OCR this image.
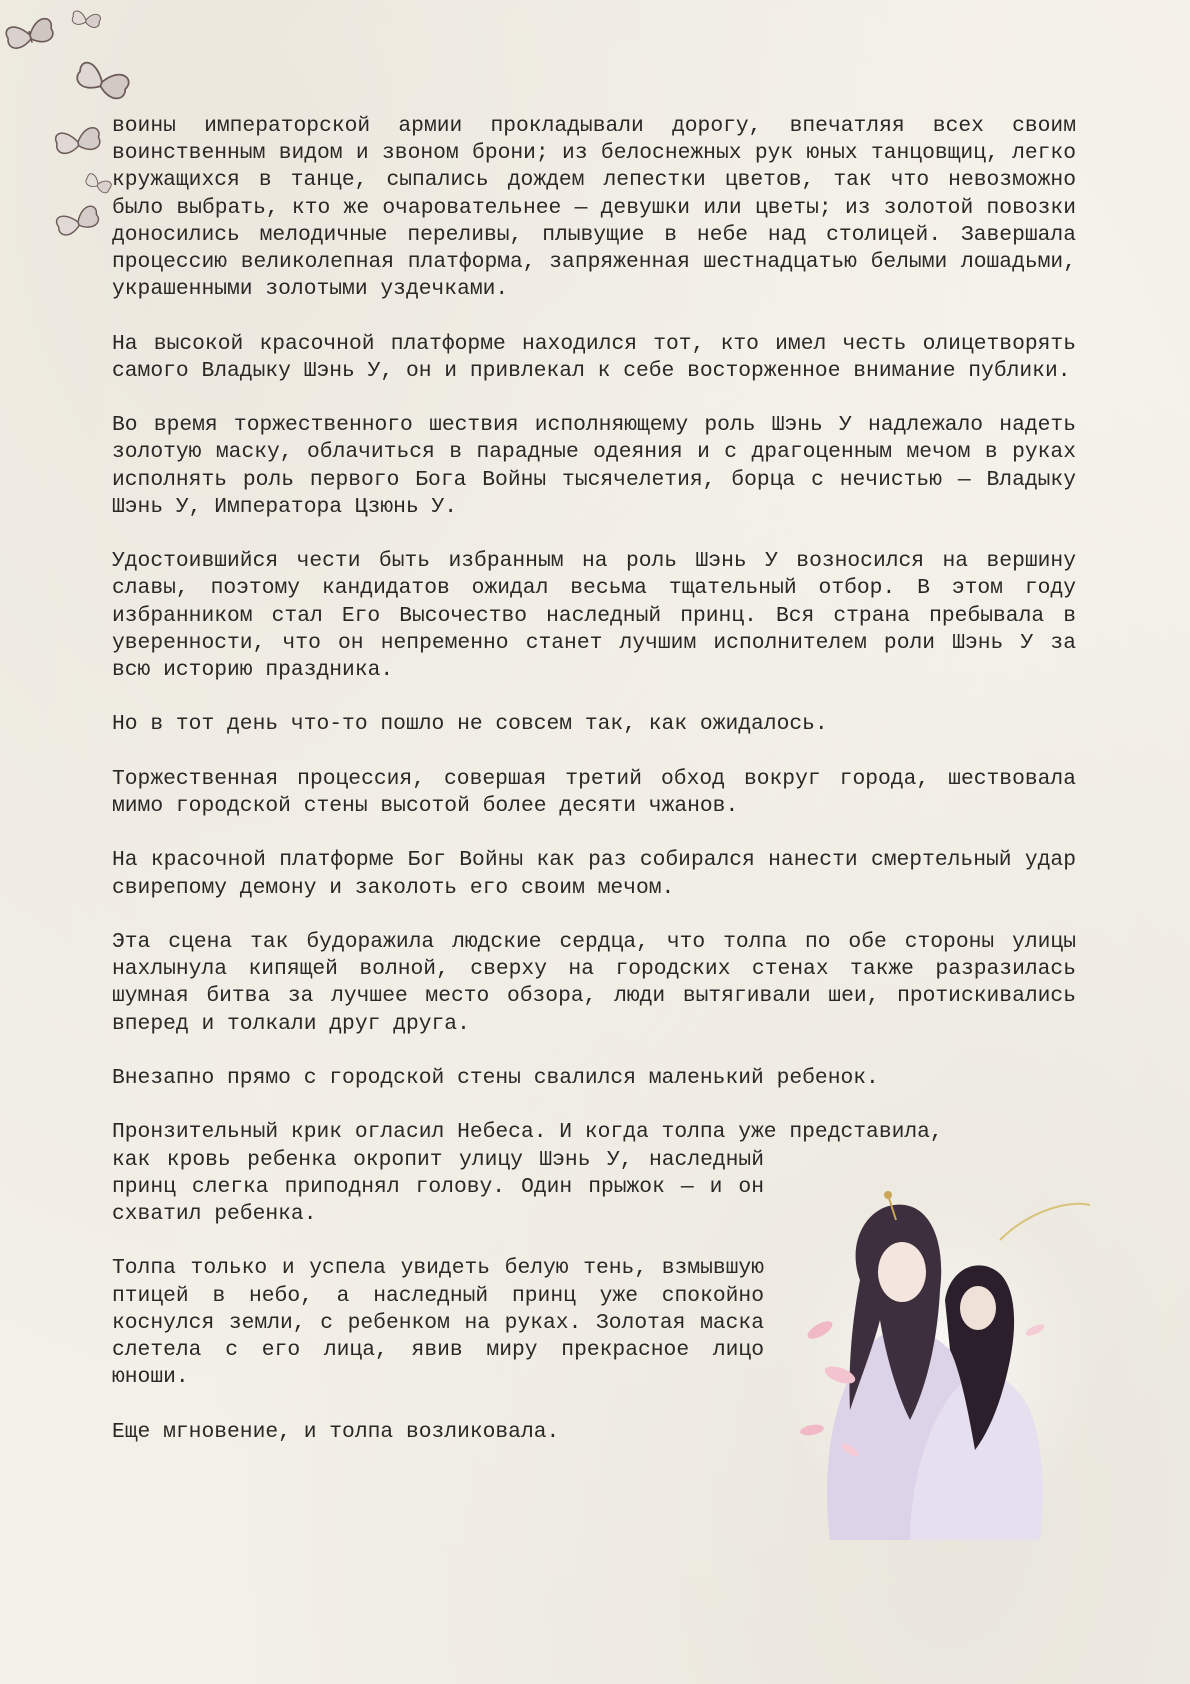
воины императорской армии прокладывали дорогу, впечатляя всех своим воинственным видом и звоном брони; из белоснежных рук юных танцовщиц, легко кружащихся в танце, сыпались дождем лепестки цветов, так что невозможно было выбрать, кто же очаровательнее — девушки или цветы; из золотой повозки доносились мелодичные переливы, плывущие в небе над столицей. Завершала процессию великолепная платформа, запряженная шестнадцатью белыми лошадьми, украшенными золотыми уздечками.

На высокой красочной платформе находился тот, кто имел честь олицетворять самого Владыку Шэнь У, он и привлекал к себе восторженное внимание публики.

Во время торжественного шествия исполняющему роль Шэнь У надлежало надеть золотую маску, облачиться в парадные одеяния и с драгоценным мечом в руках исполнять роль первого Бога Войны тысячелетия, борца с нечистью — Владыку Шэнь У, Императора Цзюнь У.

Удостоившийся чести быть избранным на роль Шэнь У возносился на вершину славы, поэтому кандидатов ожидал весьма тщательный отбор. В этом году избранником стал Его Высочество наследный принц. Вся страна пребывала в уверенности, что он непременно станет лучшим исполнителем роли Шэнь У за всю историю праздника.

Но в тот день что-то пошло не совсем так, как ожидалось.

Торжественная процессия, совершая третий обход вокруг города, шествовала мимо городской стены высотой более десяти чжанов.

На красочной платформе Бог Войны как раз собирался нанести смертельный удар свирепому демону и заколоть его своим мечом.

Эта сцена так будоражила людские сердца, что толпа по обе стороны улицы нахлынула кипящей волной, сверху на городских стенах также разразилась шумная битва за лучшее место обзора, люди вытягивали шеи, протискивались вперед и толкали друг друга.

Внезапно прямо с городской стены свалился маленький ребенок.

Пронзительный крик огласил Небеса. И когда толпа уже представила,
как кровь ребенка окропит улицу Шэнь У, наследный принц слегка приподнял голову. Один прыжок — и он схватил ребенка.

Толпа только и успела увидеть белую тень, взмывшую птицей в небо, а наследный принц уже спокойно коснулся земли, с ребенком на руках. Золотая маска слетела с его лица, явив миру прекрасное лицо юноши.

Еще мгновение, и толпа возликовала.
